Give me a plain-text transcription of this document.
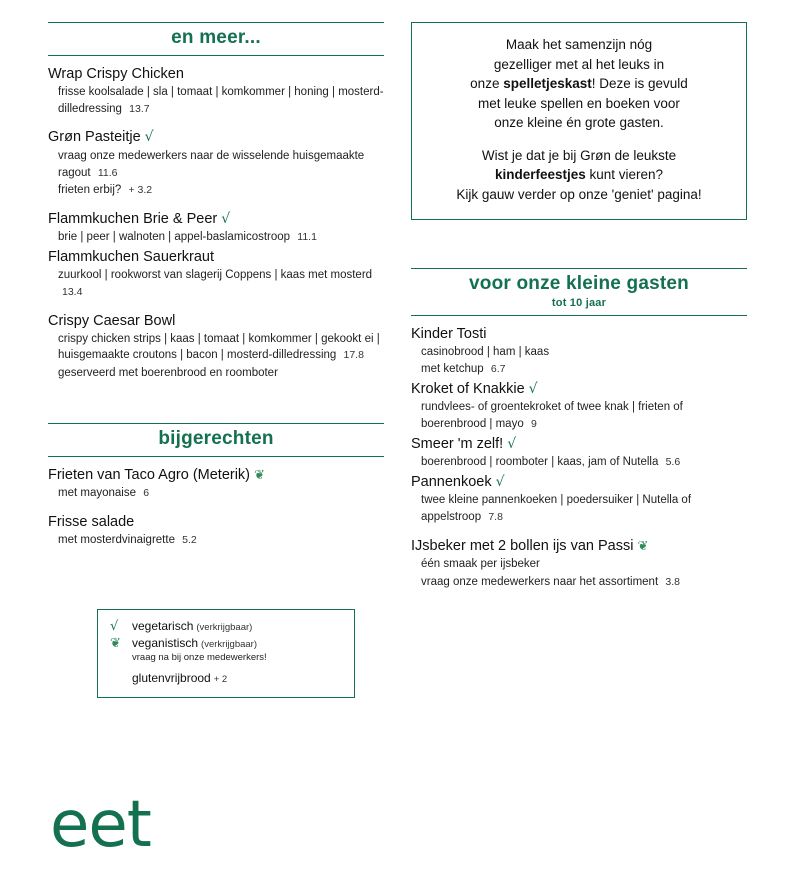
en meer...
Wrap Crispy Chicken
frisse koolsalade | sla | tomaat | komkommer | honing | mosterd-dilledressing 13.7
Grøn Pasteitje √
vraag onze medewerkers naar de wisselende huisgemaakte ragout 11.6
frieten erbij? + 3.2
Flammkuchen Brie & Peer √
brie | peer | walnoten | appel-baslamicostroop 11.1
Flammkuchen Sauerkraut
zuurkool | rookworst van slagerij Coppens | kaas met mosterd 13.4
Crispy Caesar Bowl
crispy chicken strips | kaas | tomaat | komkommer | gekookt ei | huisgemaakte croutons | bacon | mosterd-dilledressing 17.8
geserveerd met boerenbrood en roomboter
bijgerechten
Frieten van Taco Agro (Meterik) ❦
met mayonaise 6
Frisse salade
met mosterdvinaigrette 5.2
Maak het samenzijn nóg
gezelliger met al het leuks in
onze spelletjeskast! Deze is gevuld
met leuke spellen en boeken voor
onze kleine én grote gasten.
Wist je dat je bij Grøn de leukste
kinderfeestjes kunt vieren?
Kijk gauw verder op onze 'geniet' pagina!
voor onze kleine gasten
tot 10 jaar
Kinder Tosti
casinobrood | ham | kaas
met ketchup 6.7
Kroket of Knakkie √
rundvlees- of groentekroket of twee knak | frieten of boerenbrood | mayo 9
Smeer 'm zelf! √
boerenbrood | roomboter | kaas, jam of Nutella 5.6
Pannenkoek √
twee kleine pannenkoeken | poedersuiker | Nutella of appelstroop 7.8
IJsbeker met 2 bollen ijs van Passi ❦
één smaak per ijsbeker
vraag onze medewerkers naar het assortiment 3.8
√	vegetarisch (verkrijgbaar)
❦ veganistisch (verkrijgbaar)
vraag na bij onze medewerkers!
glutenvrijbrood + 2
eet
